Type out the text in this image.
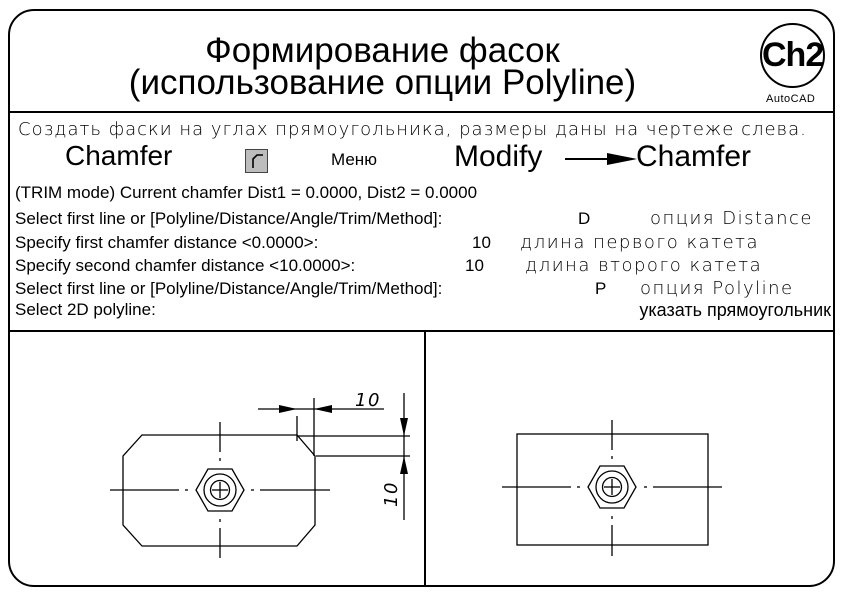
Формирование фасок
(использование опции Polyline)
Ch2
AutoCAD
Создать фаски на углах прямоугольника, размеры даны на чертеже слева.
Chamfer	Меню	Modify	Chamfer
(TRIM mode) Current chamfer Dist1 = 0.0000, Dist2 = 0.0000
Select first line or [Polyline/Distance/Angle/Trim/Method]:	D	опция Distance
Specify first chamfer distance <0.0000>:	10 длина первого катета
Specify second chamfer distance <10.0000>:	10 длина второго катета
Select first line or [Polyline/Distance/Angle/Trim/Method]:	P опция Polyline
Select 2D polyline:	указать прямоугольник
10
10
